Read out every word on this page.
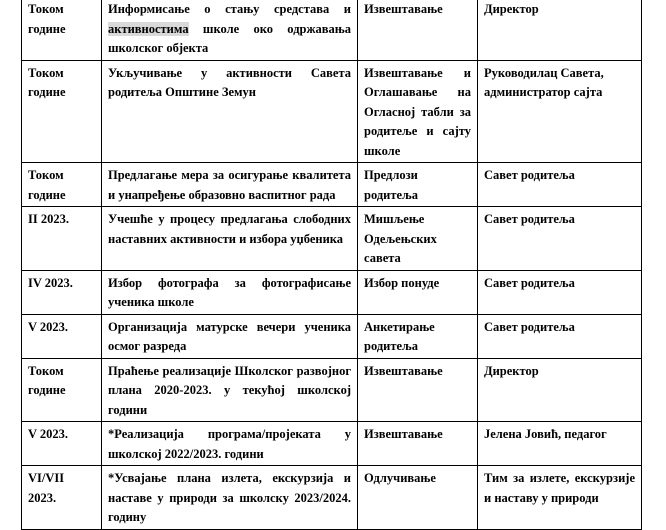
Током године	Информисање о стању средстава и активностима школе око одржавања школског објекта	Извештавање	Директор
Током године	Укључивање у активности Савета родитеља Општине Земун	Извештавање и Оглашавање на Огласној табли за родитеље и сајту школе	Руководилац Савета, администратор сајта
Током године	Предлагање мера за осигурање квалитета и унапређење образовно васпитног рада	Предлози родитеља	Савет родитеља
II 2023.	Учешће у процесу предлагања слободних наставних активности и избора уџбеника	Мишљење Одељењских савета	Савет родитеља
IV 2023.	Избор фотографа за фотографисање ученика школе	Избор понуде	Савет родитеља
V 2023.	Организација матурске вечери ученика осмог разреда	Анкетирање родитеља	Савет родитеља
Током године	Праћење реализације Школског развојног плана 2020-2023. у текућој школској години	Извештавање	Директор
V 2023.	*Реализација програма/пројеката у школској 2022/2023. години	Извештавање	Јелена Јовић, педагог
VI/VII 2023.	*Усвајање плана излета, екскурзија и наставе у природи за школску 2023/2024. годину	Одлучивање	Тим за излете, екскурзије и наставу у природи
